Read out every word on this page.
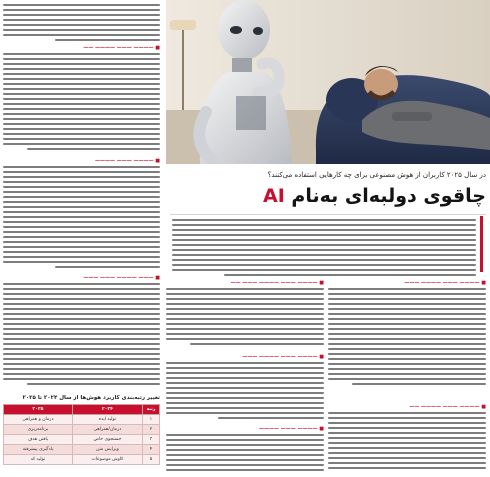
■ ———— ——— ———— ——
■ ———— ——— ————
■ ——— ———— ——— ———
تغییر رتبه‌بندی کاربرد هوش‌ها از سال ۲۰۲۴ تا ۲۰۲۵
رتبه	۲۰۲۴	۲۰۲۵
۱	تولید ایده	درمان و همراهی
۲	درمان/همراهی	برنامه‌ریزی
۳	جستجوی خاص	یافتن هدف
۴	ویرایش متن	یادگیری پیشرفته
۵	کاوش موضوعات	تولید کد
در سال ۲۰۲۵ کاربران از هوش مصنوعی برای چه کارهایی استفاده می‌کنند؟
چاقوی دولبه‌ای به‌نام AI
■ ———— ——— ———— ——— ——
■ ———— ——— ———— ———
■ ———— ——— ————
■ ———— ——— ———— ———
■ ———— ——— ———— ——
